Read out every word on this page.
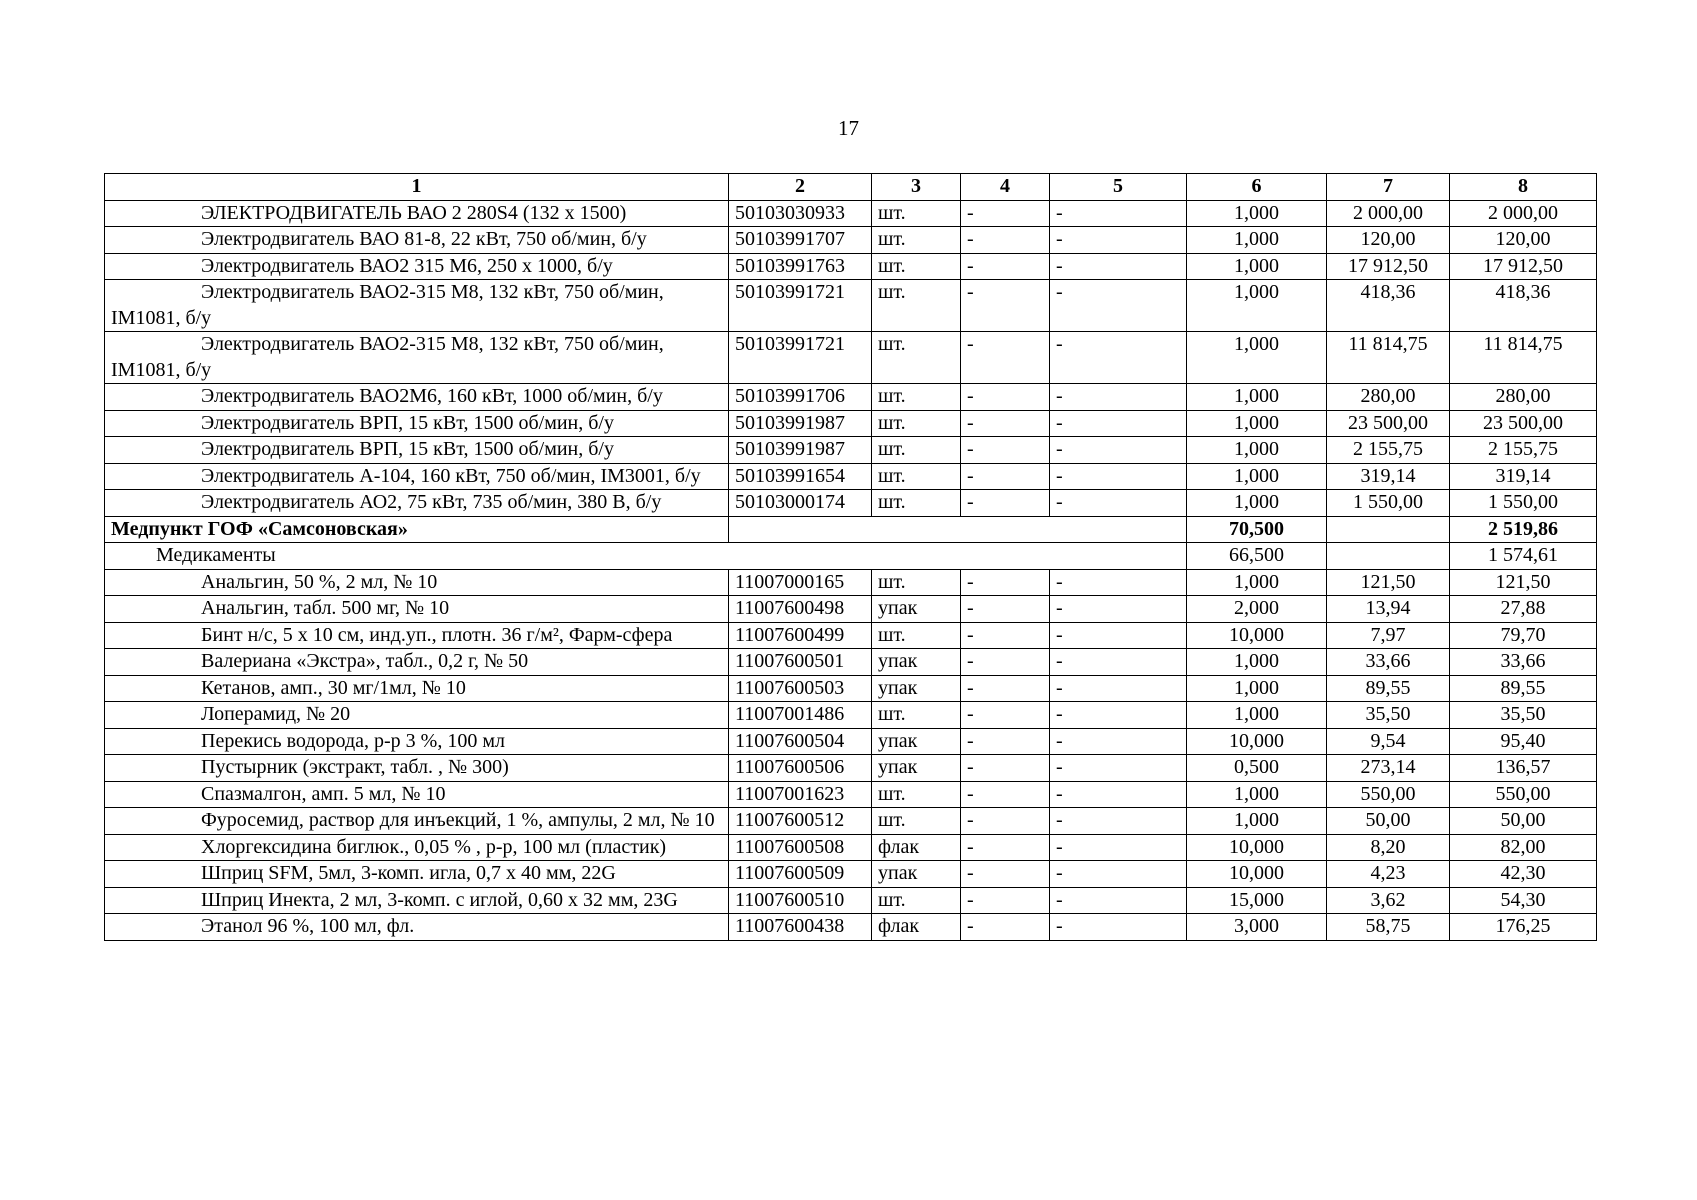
17
1	2	3	4	5	6	7	8
ЭЛЕКТРОДВИГАТЕЛЬ ВАО 2 280S4 (132 х 1500)	50103030933	шт.	-	-	1,000	2 000,00	2 000,00
Электродвигатель ВАО 81-8, 22 кВт, 750 об/мин, б/у	50103991707	шт.	-	-	1,000	120,00	120,00
Электродвигатель ВАО2 315 М6, 250 х 1000, б/у	50103991763	шт.	-	-	1,000	17 912,50	17 912,50
Электродвигатель ВАО2-315 М8, 132 кВт, 750 об/мин, IM1081, б/у	50103991721	шт.	-	-	1,000	418,36	418,36
Электродвигатель ВАО2-315 М8, 132 кВт, 750 об/мин, IM1081, б/у	50103991721	шт.	-	-	1,000	11 814,75	11 814,75
Электродвигатель ВАО2М6, 160 кВт, 1000 об/мин, б/у	50103991706	шт.	-	-	1,000	280,00	280,00
Электродвигатель ВРП, 15 кВт, 1500 об/мин, б/у	50103991987	шт.	-	-	1,000	23 500,00	23 500,00
Электродвигатель ВРП, 15 кВт, 1500 об/мин, б/у	50103991987	шт.	-	-	1,000	2 155,75	2 155,75
Электродвигатель А-104, 160 кВт, 750 об/мин, IM3001, б/у	50103991654	шт.	-	-	1,000	319,14	319,14
Электродвигатель АО2, 75 кВт, 735 об/мин, 380 В, б/у	50103000174	шт.	-	-	1,000	1 550,00	1 550,00
Медпункт ГОФ «Самсоновская»					70,500		2 519,86
Медикаменты					66,500		1 574,61
Анальгин, 50 %, 2 мл, № 10	11007000165	шт.	-	-	1,000	121,50	121,50
Анальгин, табл. 500 мг, № 10	11007600498	упак	-	-	2,000	13,94	27,88
Бинт н/с, 5 х 10 см, инд.уп., плотн. 36 г/м², Фарм-сфера	11007600499	шт.	-	-	10,000	7,97	79,70
Валериана «Экстра», табл., 0,2 г, № 50	11007600501	упак	-	-	1,000	33,66	33,66
Кетанов, амп., 30 мг/1мл, № 10	11007600503	упак	-	-	1,000	89,55	89,55
Лоперамид, № 20	11007001486	шт.	-	-	1,000	35,50	35,50
Перекись водорода, р-р 3 %, 100 мл	11007600504	упак	-	-	10,000	9,54	95,40
Пустырник (экстракт, табл. , № 300)	11007600506	упак	-	-	0,500	273,14	136,57
Спазмалгон, амп. 5 мл, № 10	11007001623	шт.	-	-	1,000	550,00	550,00
Фуросемид, раствор для инъекций, 1 %, ампулы, 2 мл, № 10	11007600512	шт.	-	-	1,000	50,00	50,00
Хлоргексидина биглюк., 0,05 % , р-р, 100 мл (пластик)	11007600508	флак	-	-	10,000	8,20	82,00
Шприц SFM, 5мл, 3-комп. игла, 0,7 х 40 мм, 22G	11007600509	упак	-	-	10,000	4,23	42,30
Шприц Инекта, 2 мл, 3-комп. с иглой, 0,60 х 32 мм, 23G	11007600510	шт.	-	-	15,000	3,62	54,30
Этанол 96 %, 100 мл, фл.	11007600438	флак	-	-	3,000	58,75	176,25
